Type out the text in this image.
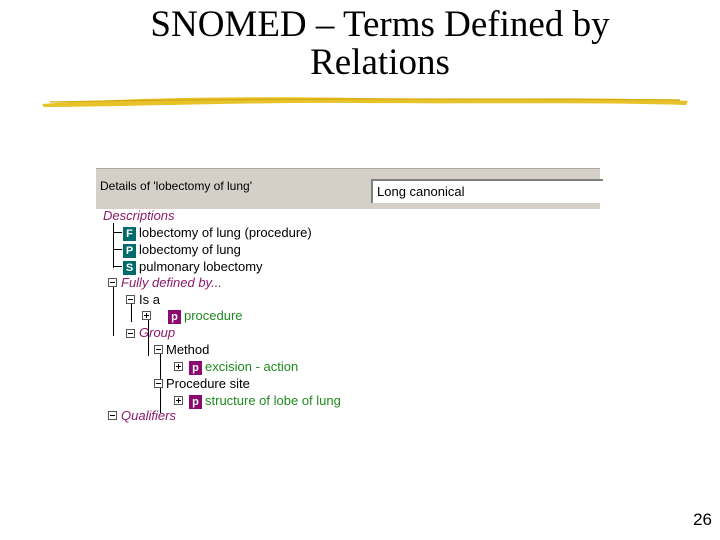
SNOMED – Terms Defined by
Relations
Details of 'lobectomy of lung'	Long canonical
Descriptions
F lobectomy of lung (procedure)
P lobectomy of lung
S pulmonary lobectomy
Fully defined by...
Is a
p procedure
Group
Method
p excision - action
Procedure site
p structure of lobe of lung
Qualifiers
26
